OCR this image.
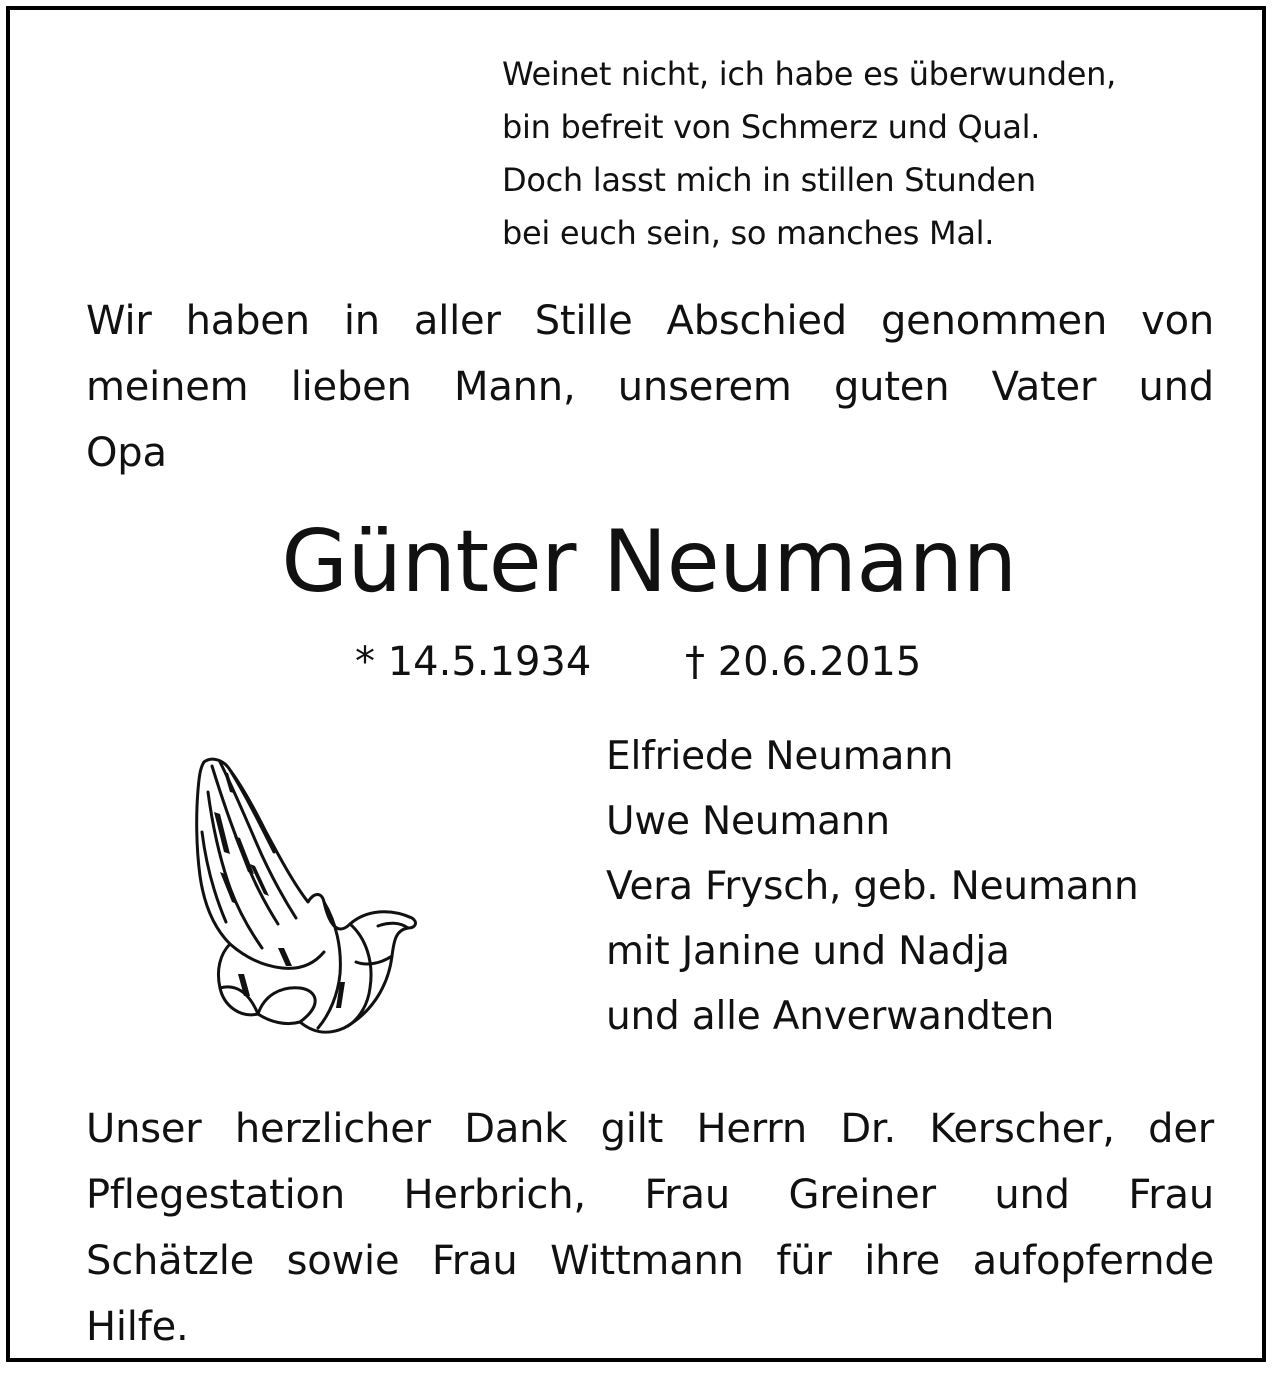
Weinet nicht, ich habe es überwunden,
bin befreit von Schmerz und Qual.
Doch lasst mich in stillen Stunden
bei euch sein, so manches Mal.
Wir haben in aller Stille Abschied genommen von
meinem lieben Mann, unserem guten Vater und
Opa
Günter Neumann
* 14.5.1934 † 20.6.2015
Elfriede Neumann
Uwe Neumann
Vera Frysch, geb. Neumann
mit Janine und Nadja
und alle Anverwandten
Unser herzlicher Dank gilt Herrn Dr. Kerscher, der
Pflegestation Herbrich, Frau Greiner und Frau
Schätzle sowie Frau Wittmann für ihre aufopfernde
Hilfe.
